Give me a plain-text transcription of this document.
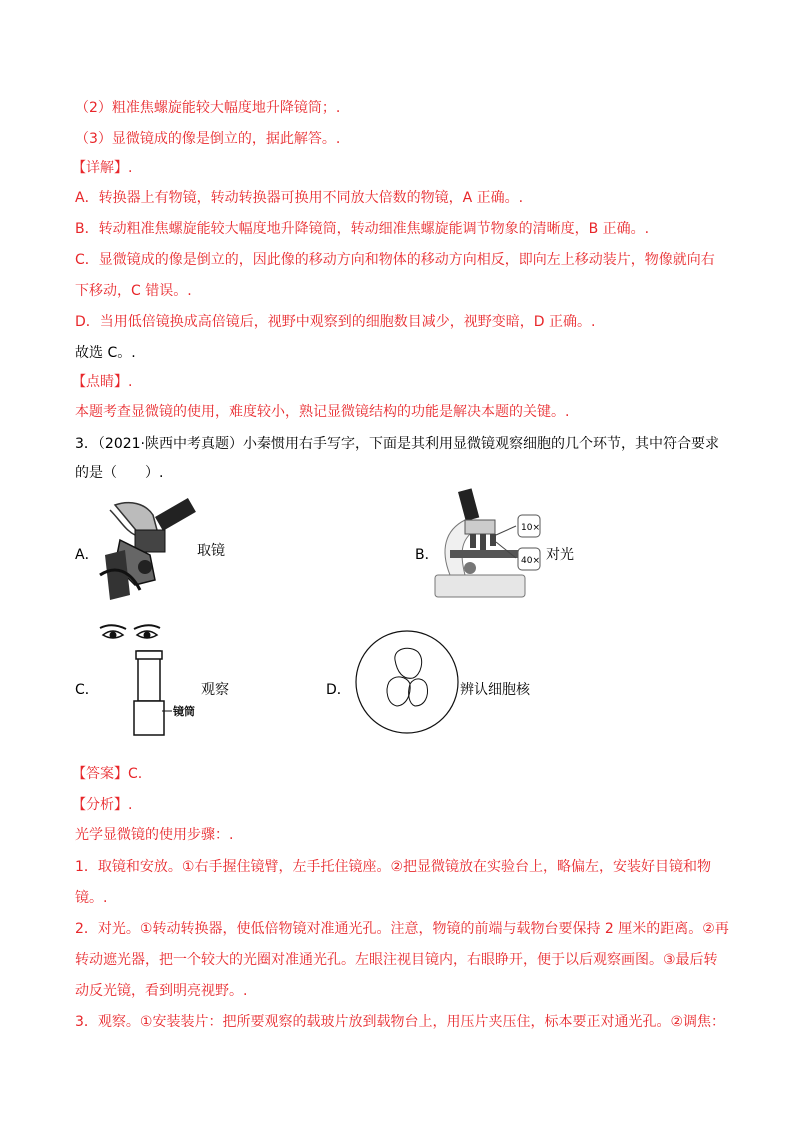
（2）粗准焦螺旋能较大幅度地升降镜筒；.
（3）显微镜成的像是倒立的，据此解答。.
【详解】.
A．转换器上有物镜，转动转换器可换用不同放大倍数的物镜，A 正确。.
B．转动粗准焦螺旋能较大幅度地升降镜筒，转动细准焦螺旋能调节物象的清晰度，B 正确。.
C．显微镜成的像是倒立的，因此像的移动方向和物体的移动方向相反，即向左上移动装片，物像就向右
下移动，C 错误。.
D．当用低倍镜换成高倍镜后，视野中观察到的细胞数目减少，视野变暗，D 正确。.
故选 C。.
【点睛】.
本题考查显微镜的使用，难度较小，熟记显微镜结构的功能是解决本题的关键。.
3．（2021·陕西中考真题）小秦惯用右手写字，下面是其利用显微镜观察细胞的几个环节，其中符合要求
的是（　　）.
A．	取镜	B．
10×
40× 对光
C．
镜筒
观察	D．	辨认细胞核
【答案】C.
【分析】.
光学显微镜的使用步骤：.
1．取镜和安放。①右手握住镜臂，左手托住镜座。②把显微镜放在实验台上，略偏左，安装好目镜和物
镜。.
2．对光。①转动转换器，使低倍物镜对准通光孔。注意，物镜的前端与载物台要保持 2 厘米的距离。②再
转动遮光器，把一个较大的光圈对准通光孔。左眼注视目镜内，右眼睁开，便于以后观察画图。③最后转
动反光镜，看到明亮视野。.
3．观察。①安装装片：把所要观察的载玻片放到载物台上，用压片夹压住，标本要正对通光孔。②调焦：
